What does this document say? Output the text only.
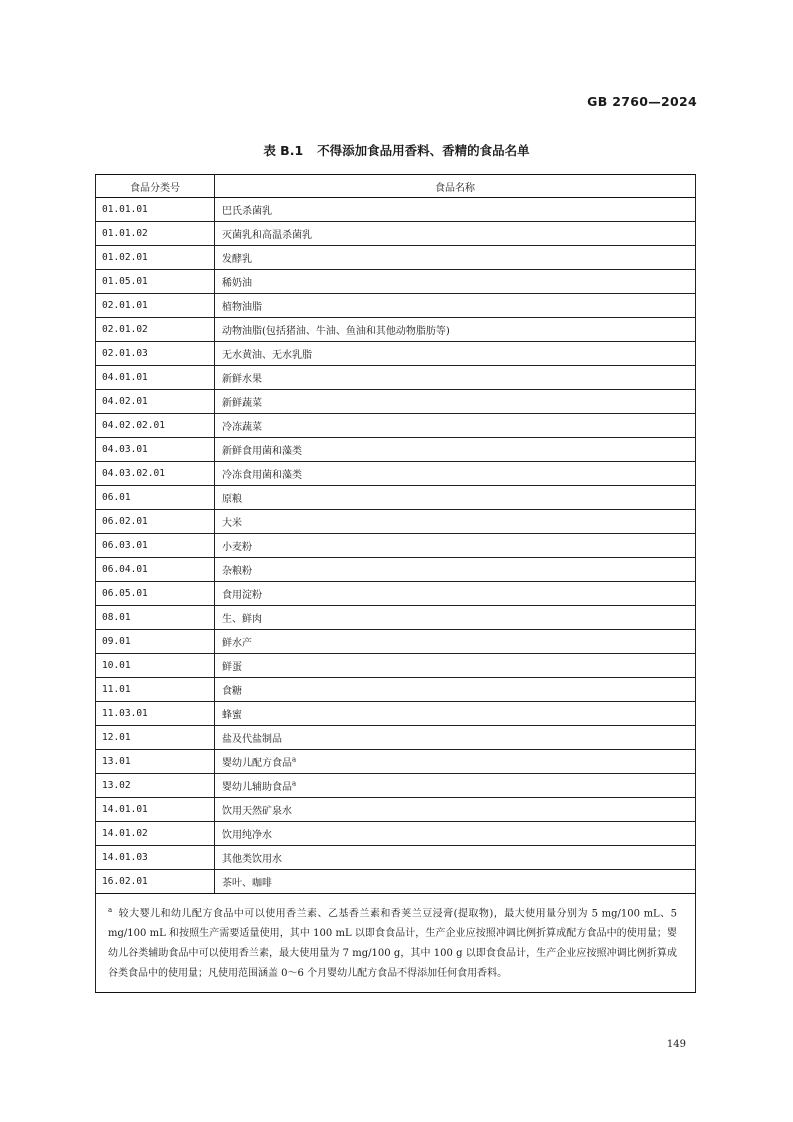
GB 2760—2024
表 B.1 不得添加食品用香料、香精的食品名单
食品分类号	食品名称
01.01.01	巴氏杀菌乳
01.01.02	灭菌乳和高温杀菌乳
01.02.01	发酵乳
01.05.01	稀奶油
02.01.01	植物油脂
02.01.02	动物油脂(包括猪油、牛油、鱼油和其他动物脂肪等)
02.01.03	无水黄油、无水乳脂
04.01.01	新鲜水果
04.02.01	新鲜蔬菜
04.02.02.01	冷冻蔬菜
04.03.01	新鲜食用菌和藻类
04.03.02.01	冷冻食用菌和藻类
06.01	原粮
06.02.01	大米
06.03.01	小麦粉
06.04.01	杂粮粉
06.05.01	食用淀粉
08.01	生、鲜肉
09.01	鲜水产
10.01	鲜蛋
11.01	食糖
11.03.01	蜂蜜
12.01	盐及代盐制品
13.01	婴幼儿配方食品$^a$
13.02	婴幼儿辅助食品$^a$
14.01.01	饮用天然矿泉水
14.01.02	饮用纯净水
14.01.03	其他类饮用水
16.02.01	茶叶、咖啡
$^a$ 较大婴儿和幼儿配方食品中可以使用香兰素、乙基香兰素和香荚兰豆浸膏(提取物)，最大使用量分别为 5 mg/100 mL、5 mg/100 mL 和按照生产需要适量使用，其中 100 mL 以即食食品计，生产企业应按照冲调比例折算成配方食品中的使用量；婴幼儿谷类辅助食品中可以使用香兰素，最大使用量为 7 mg/100 g，其中 100 g 以即食食品计，生产企业应按照冲调比例折算成谷类食品中的使用量；凡使用范围涵盖 0～6 个月婴幼儿配方食品不得添加任何食用香料。	
149
